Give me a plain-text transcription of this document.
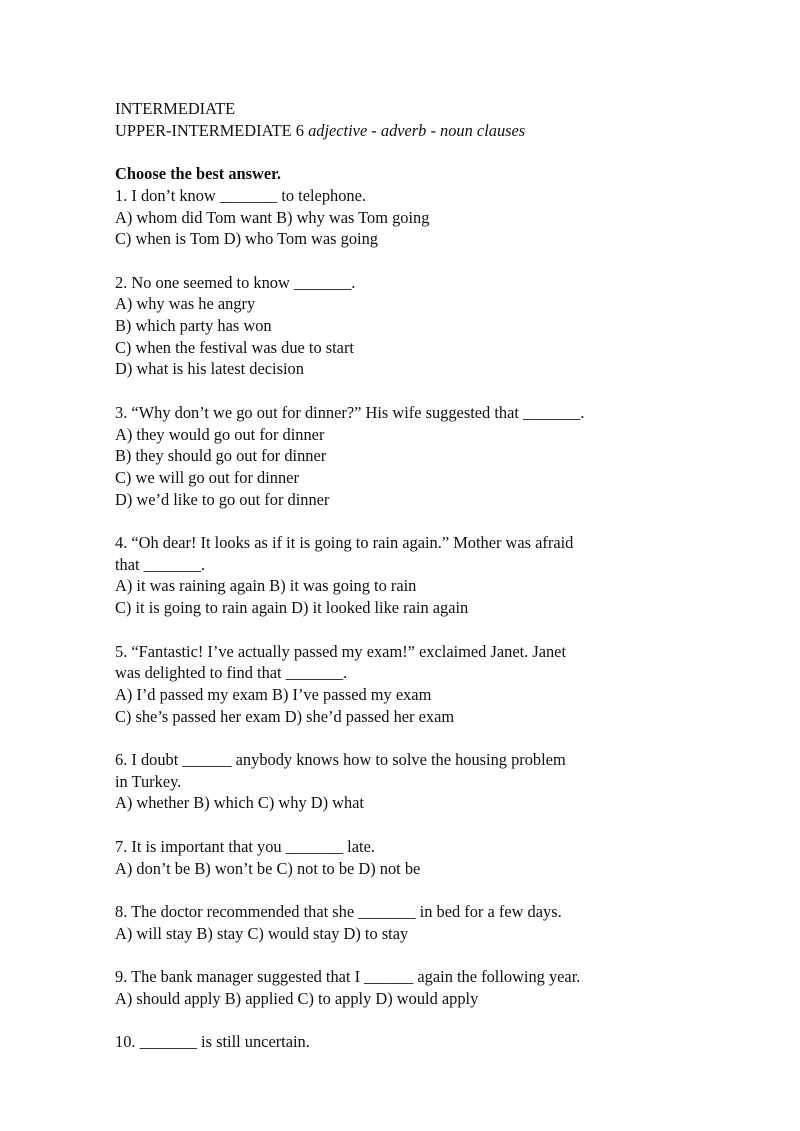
INTERMEDIATE

UPPER-INTERMEDIATE 6 adjective - adverb - noun clauses

Choose the best answer.

1. I don’t know _______ to telephone.

A) whom did Tom want B) why was Tom going

C) when is Tom D) who Tom was going

2. No one seemed to know _______.

A) why was he angry

B) which party has won

C) when the festival was due to start

D) what is his latest decision

3. “Why don’t we go out for dinner?” His wife suggested that _______.

A) they would go out for dinner

B) they should go out for dinner

C) we will go out for dinner

D) we’d like to go out for dinner

4. “Oh dear! It looks as if it is going to rain again.” Mother was afraid

that _______.

A) it was raining again B) it was going to rain

C) it is going to rain again D) it looked like rain again

5. “Fantastic! I’ve actually passed my exam!” exclaimed Janet. Janet

was delighted to find that _______.

A) I’d passed my exam B) I’ve passed my exam

C) she’s passed her exam D) she’d passed her exam

6. I doubt ______ anybody knows how to solve the housing problem

in Turkey.

A) whether B) which C) why D) what

7. It is important that you _______ late.

A) don’t be B) won’t be C) not to be D) not be

8. The doctor recommended that she _______ in bed for a few days.

A) will stay B) stay C) would stay D) to stay

9. The bank manager suggested that I ______ again the following year.

A) should apply B) applied C) to apply D) would apply

10. _______ is still uncertain.
